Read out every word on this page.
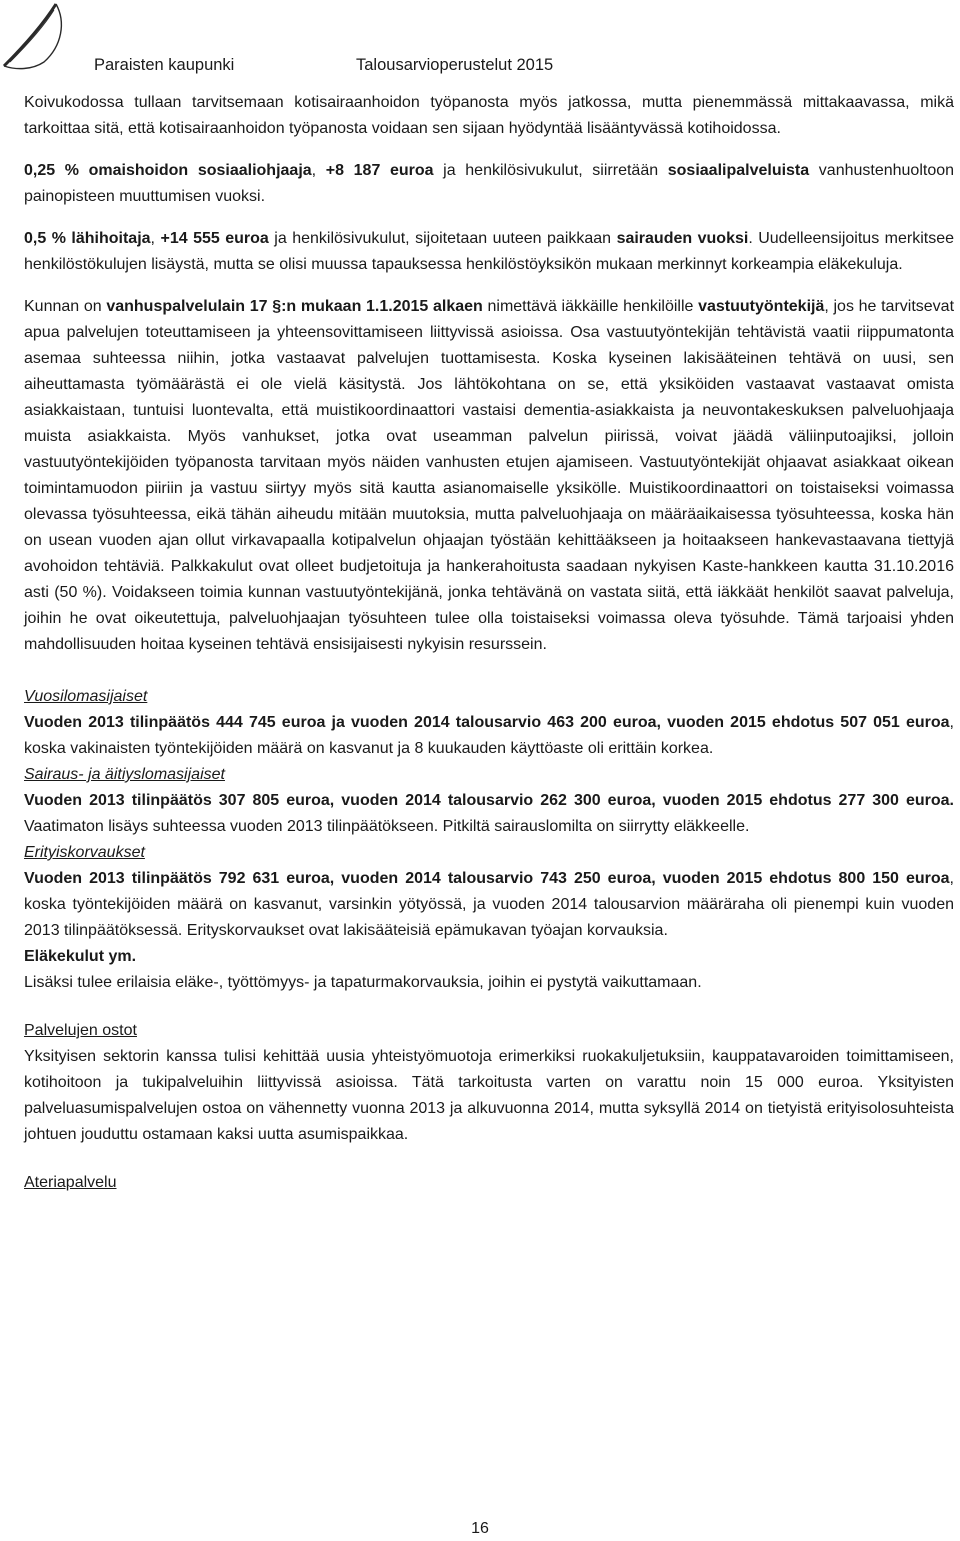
Paraisten kaupunki	Talousarvioperustelut 2015

Koivukodossa tullaan tarvitsemaan kotisairaanhoidon työpanosta myös jatkossa, mutta pienemmässä mittakaavassa, mikä tarkoittaa sitä, että kotisairaanhoidon työpanosta voidaan sen sijaan hyödyntää lisääntyvässä kotihoidossa.

0,25 % omaishoidon sosiaaliohjaaja, +8 187 euroa ja henkilösivukulut, siirretään sosiaalipalveluista vanhustenhuoltoon painopisteen muuttumisen vuoksi.

0,5 % lähihoitaja, +14 555 euroa ja henkilösivukulut, sijoitetaan uuteen paikkaan sairauden vuoksi. Uudelleensijoitus merkitsee henkilöstökulujen lisäystä, mutta se olisi muussa tapauksessa henkilöstöyksikön mukaan merkinnyt korkeampia eläkekuluja.

Kunnan on vanhuspalvelulain 17 §:n mukaan 1.1.2015 alkaen nimettävä iäkkäille henkilöille vastuutyöntekijä, jos he tarvitsevat apua palvelujen toteuttamiseen ja yhteensovittamiseen liittyvissä asioissa. Osa vastuutyöntekijän tehtävistä vaatii riippumatonta asemaa suhteessa niihin, jotka vastaavat palvelujen tuottamisesta. Koska kyseinen lakisääteinen tehtävä on uusi, sen aiheuttamasta työmäärästä ei ole vielä käsitystä. Jos lähtökohtana on se, että yksiköiden vastaavat vastaavat omista asiakkaistaan, tuntuisi luontevalta, että muistikoordinaattori vastaisi dementia-asiakkaista ja neuvontakeskuksen palveluohjaaja muista asiakkaista. Myös vanhukset, jotka ovat useamman palvelun piirissä, voivat jäädä väliinputoajiksi, jolloin vastuutyöntekijöiden työpanosta tarvitaan myös näiden vanhusten etujen ajamiseen. Vastuutyöntekijät ohjaavat asiakkaat oikean toimintamuodon piiriin ja vastuu siirtyy myös sitä kautta asianomaiselle yksikölle. Muistikoordinaattori on toistaiseksi voimassa olevassa työsuhteessa, eikä tähän aiheudu mitään muutoksia, mutta palveluohjaaja on määräaikaisessa työsuhteessa, koska hän on usean vuoden ajan ollut virkavapaalla kotipalvelun ohjaajan työstään kehittääkseen ja hoitaakseen hankevastaavana tiettyjä avohoidon tehtäviä. Palkkakulut ovat olleet budjetoituja ja hankerahoitusta saadaan nykyisen Kaste-hankkeen kautta 31.10.2016 asti (50 %). Voidakseen toimia kunnan vastuutyöntekijänä, jonka tehtävänä on vastata siitä, että iäkkäät henkilöt saavat palveluja, joihin he ovat oikeutettuja, palveluohjaajan työsuhteen tulee olla toistaiseksi voimassa oleva työsuhde. Tämä tarjoaisi yhden mahdollisuuden hoitaa kyseinen tehtävä ensisijaisesti nykyisin resurssein.

Vuosilomasijaiset

Vuoden 2013 tilinpäätös 444 745 euroa ja vuoden 2014 talousarvio 463 200 euroa, vuoden 2015 ehdotus 507 051 euroa, koska vakinaisten työntekijöiden määrä on kasvanut ja 8 kuukauden käyttöaste oli erittäin korkea.

Sairaus- ja äitiyslomasijaiset

Vuoden 2013 tilinpäätös 307 805 euroa, vuoden 2014 talousarvio 262 300 euroa, vuoden 2015 ehdotus 277 300 euroa. Vaatimaton lisäys suhteessa vuoden 2013 tilinpäätökseen. Pitkiltä sairauslomilta on siirrytty eläkkeelle.

Erityiskorvaukset

Vuoden 2013 tilinpäätös 792 631 euroa, vuoden 2014 talousarvio 743 250 euroa, vuoden 2015 ehdotus 800 150 euroa, koska työntekijöiden määrä on kasvanut, varsinkin yötyössä, ja vuoden 2014 talousarvion määräraha oli pienempi kuin vuoden 2013 tilinpäätöksessä. Erityskorvaukset ovat lakisääteisiä epämukavan työajan korvauksia.

Eläkekulut ym.

Lisäksi tulee erilaisia eläke-, työttömyys- ja tapaturmakorvauksia, joihin ei pystytä vaikuttamaan.

Palvelujen ostot

Yksityisen sektorin kanssa tulisi kehittää uusia yhteistyömuotoja erimerkiksi ruokakuljetuksiin, kauppatavaroiden toimittamiseen, kotihoitoon ja tukipalveluihin liittyvissä asioissa. Tätä tarkoitusta varten on varattu noin 15 000 euroa. Yksityisten palveluasumispalvelujen ostoa on vähennetty vuonna 2013 ja alkuvuonna 2014, mutta syksyllä 2014 on tietyistä erityisolosuhteista johtuen jouduttu ostamaan kaksi uutta asumispaikkaa.

Ateriapalvelu

16
